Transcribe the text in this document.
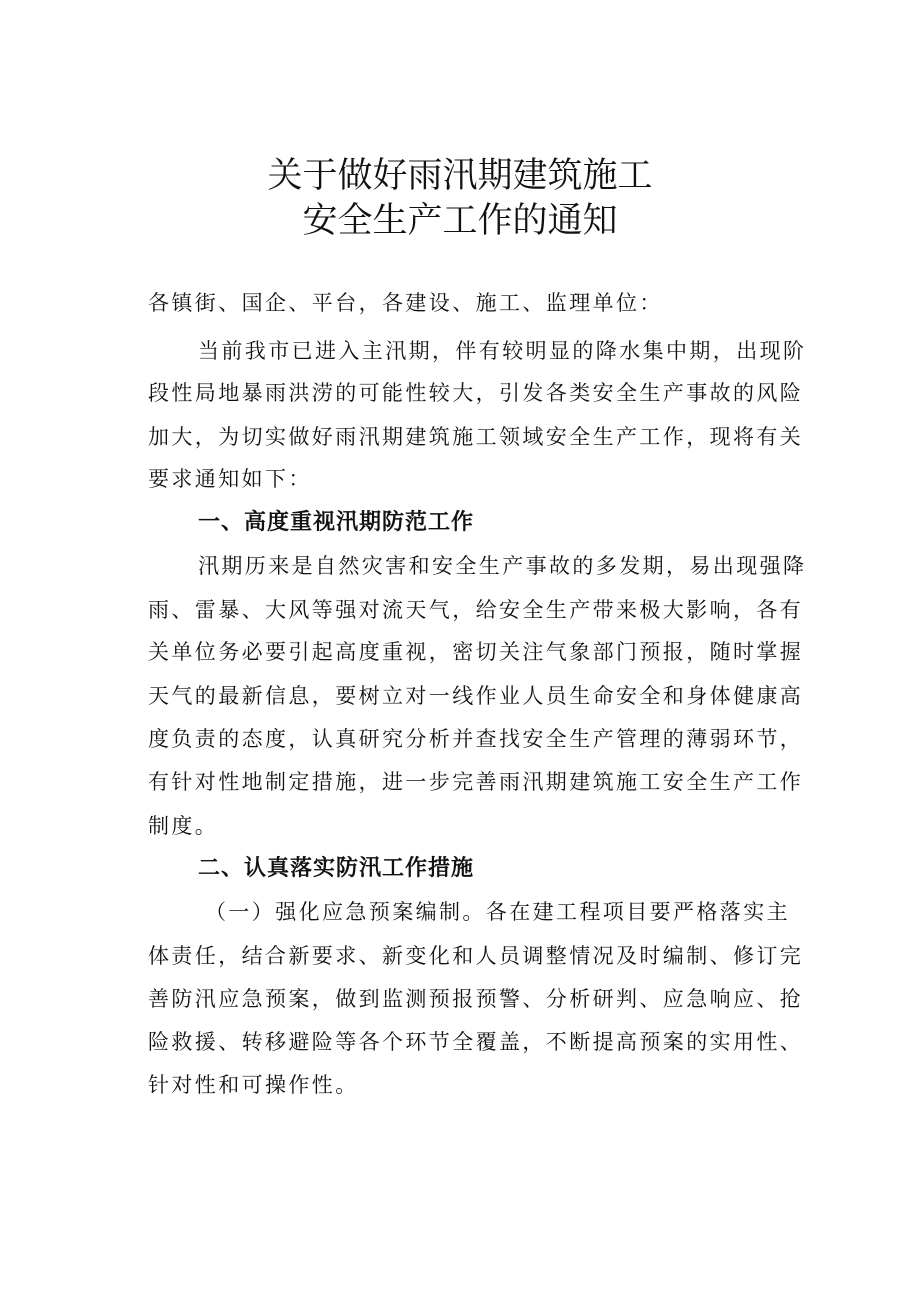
关于做好雨汛期建筑施工
安全生产工作的通知
各镇街、国企、平台，各建设、施工、监理单位：
当前我市已进入主汛期，伴有较明显的降水集中期，出现阶
段性局地暴雨洪涝的可能性较大，引发各类安全生产事故的风险
加大，为切实做好雨汛期建筑施工领域安全生产工作，现将有关
要求通知如下：
一、高度重视汛期防范工作
汛期历来是自然灾害和安全生产事故的多发期，易出现强降
雨、雷暴、大风等强对流天气，给安全生产带来极大影响，各有
关单位务必要引起高度重视，密切关注气象部门预报，随时掌握
天气的最新信息，要树立对一线作业人员生命安全和身体健康高
度负责的态度，认真研究分析并查找安全生产管理的薄弱环节，
有针对性地制定措施，进一步完善雨汛期建筑施工安全生产工作
制度。
二、认真落实防汛工作措施
（一）强化应急预案编制。各在建工程项目要严格落实主
体责任，结合新要求、新变化和人员调整情况及时编制、修订完
善防汛应急预案，做到监测预报预警、分析研判、应急响应、抢
险救援、转移避险等各个环节全覆盖，不断提高预案的实用性、
针对性和可操作性。
